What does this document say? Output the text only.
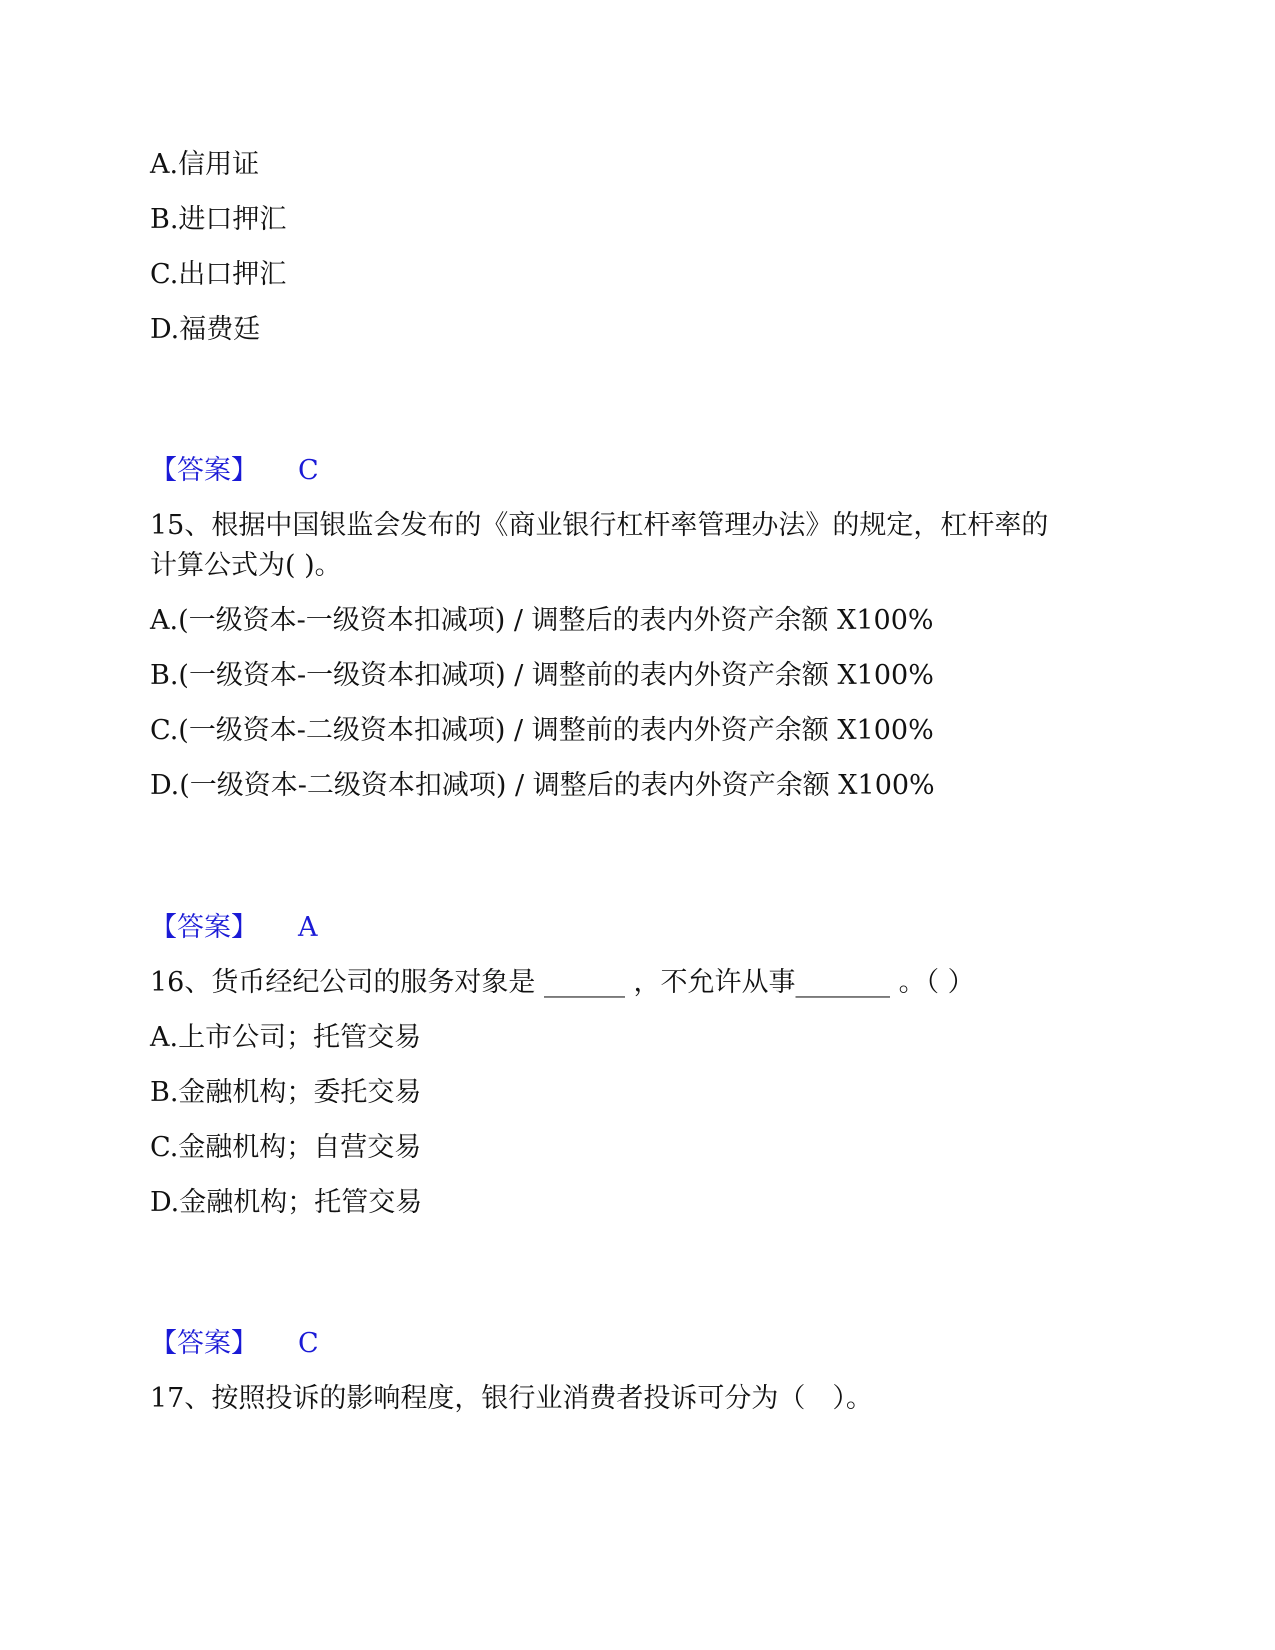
A.信用证

B.进口押汇

C.出口押汇

D.福费廷

【答案】 C

15、根据中国银监会发布的《商业银行杠杆率管理办法》的规定，杠杆率的

计算公式为( )。

A.(一级资本-一级资本扣减项) / 调整后的表内外资产余额 X100%

B.(一级资本-一级资本扣减项) / 调整前的表内外资产余额 X100%

C.(一级资本-二级资本扣减项) / 调整前的表内外资产余额 X100%

D.(一级资本-二级资本扣减项) / 调整后的表内外资产余额 X100%

【答案】 A

16、货币经纪公司的服务对象是 ______ ，不允许从事_______ 。（ ）

A.上市公司；托管交易

B.金融机构；委托交易

C.金融机构；自营交易

D.金融机构；托管交易

【答案】 C

17、按照投诉的影响程度，银行业消费者投诉可分为（　）。
